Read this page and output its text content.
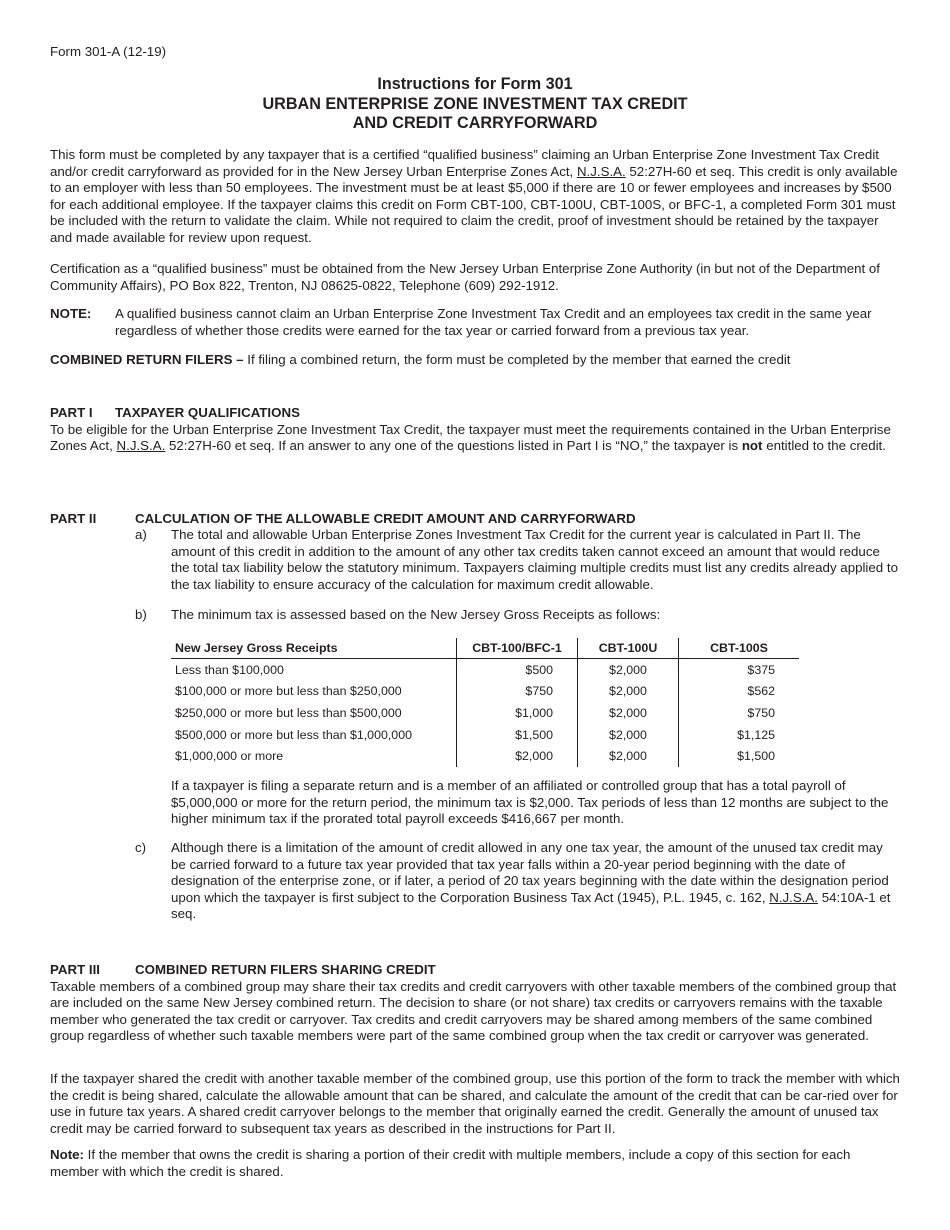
Form 301-A (12-19)
Instructions for Form 301
URBAN ENTERPRISE ZONE INVESTMENT TAX CREDIT
AND CREDIT CARRYFORWARD

This form must be completed by any taxpayer that is a certified “qualified business” claiming an Urban Enterprise Zone Investment Tax Credit and/or credit carryforward as provided for in the New Jersey Urban Enterprise Zones Act, N.J.S.A. 52:27H-60 et seq. This credit is only available to an employer with less than 50 employees. The investment must be at least $5,000 if there are 10 or fewer employees and increases by $500 for each additional employee. If the taxpayer claims this credit on Form CBT-100, CBT-100U, CBT-100S, or BFC-1, a completed Form 301 must be included with the return to validate the claim. While not required to claim the credit, proof of investment should be retained by the taxpayer and made available for review upon request.

Certification as a “qualified business” must be obtained from the New Jersey Urban Enterprise Zone Authority (in but not of the Department of Community Affairs), PO Box 822, Trenton, NJ 08625-0822, Telephone (609) 292-1912.

NOTE:	A qualified business cannot claim an Urban Enterprise Zone Investment Tax Credit and an employees tax credit in the same year regardless of whether those credits were earned for the tax year or carried forward from a previous tax year.

COMBINED RETURN FILERS – If filing a combined return, the form must be completed by the member that earned the credit

PART I	TAXPAYER QUALIFICATIONS

To be eligible for the Urban Enterprise Zone Investment Tax Credit, the taxpayer must meet the requirements contained in the Urban Enterprise Zones Act, N.J.S.A. 52:27H-60 et seq. If an answer to any one of the questions listed in Part I is “NO,” the taxpayer is not entitled to the credit.

PART II	CALCULATION OF THE ALLOWABLE CREDIT AMOUNT AND CARRYFORWARD
a)	The total and allowable Urban Enterprise Zones Investment Tax Credit for the current year is calculated in Part II. The amount of this credit in addition to the amount of any other tax credits taken cannot exceed an amount that would reduce the total tax liability below the statutory minimum. Taxpayers claiming multiple credits must list any credits already applied to the tax liability to ensure accuracy of the calculation for maximum credit allowable.
b)	The minimum tax is assessed based on the New Jersey Gross Receipts as follows:
New Jersey Gross Receipts	CBT-100/BFC-1	CBT-100U	CBT-100S
Less than $100,000	$500	$2,000	$375
$100,000 or more but less than $250,000	$750	$2,000	$562
$250,000 or more but less than $500,000	$1,000	$2,000	$750
$500,000 or more but less than $1,000,000	$1,500	$2,000	$1,125
$1,000,000 or more	$2,000	$2,000	$1,500

If a taxpayer is filing a separate return and is a member of an affiliated or controlled group that has a total payroll of $5,000,000 or more for the return period, the minimum tax is $2,000. Tax periods of less than 12 months are subject to the higher minimum tax if the prorated total payroll exceeds $416,667 per month.

c)	Although there is a limitation of the amount of credit allowed in any one tax year, the amount of the unused tax credit may be carried forward to a future tax year provided that tax year falls within a 20-year period beginning with the date of designation of the enterprise zone, or if later, a period of 20 tax years beginning with the date within the designation period upon which the taxpayer is first subject to the Corporation Business Tax Act (1945), P.L. 1945, c. 162, N.J.S.A. 54:10A-1 et seq.
PART III	COMBINED RETURN FILERS SHARING CREDIT

Taxable members of a combined group may share their tax credits and credit carryovers with other taxable members of the combined group that are included on the same New Jersey combined return. The decision to share (or not share) tax credits or carryovers remains with the taxable member who generated the tax credit or carryover. Tax credits and credit carryovers may be shared among members of the same combined group regardless of whether such taxable members were part of the same combined group when the tax credit or carryover was generated.

If the taxpayer shared the credit with another taxable member of the combined group, use this portion of the form to track the member with which the credit is being shared, calculate the allowable amount that can be shared, and calculate the amount of the credit that can be car-ried over for use in future tax years. A shared credit carryover belongs to the member that originally earned the credit. Generally the amount of unused tax credit may be carried forward to subsequent tax years as described in the instructions for Part II.

Note: If the member that owns the credit is sharing a portion of their credit with multiple members, include a copy of this section for each member with which the credit is shared.
